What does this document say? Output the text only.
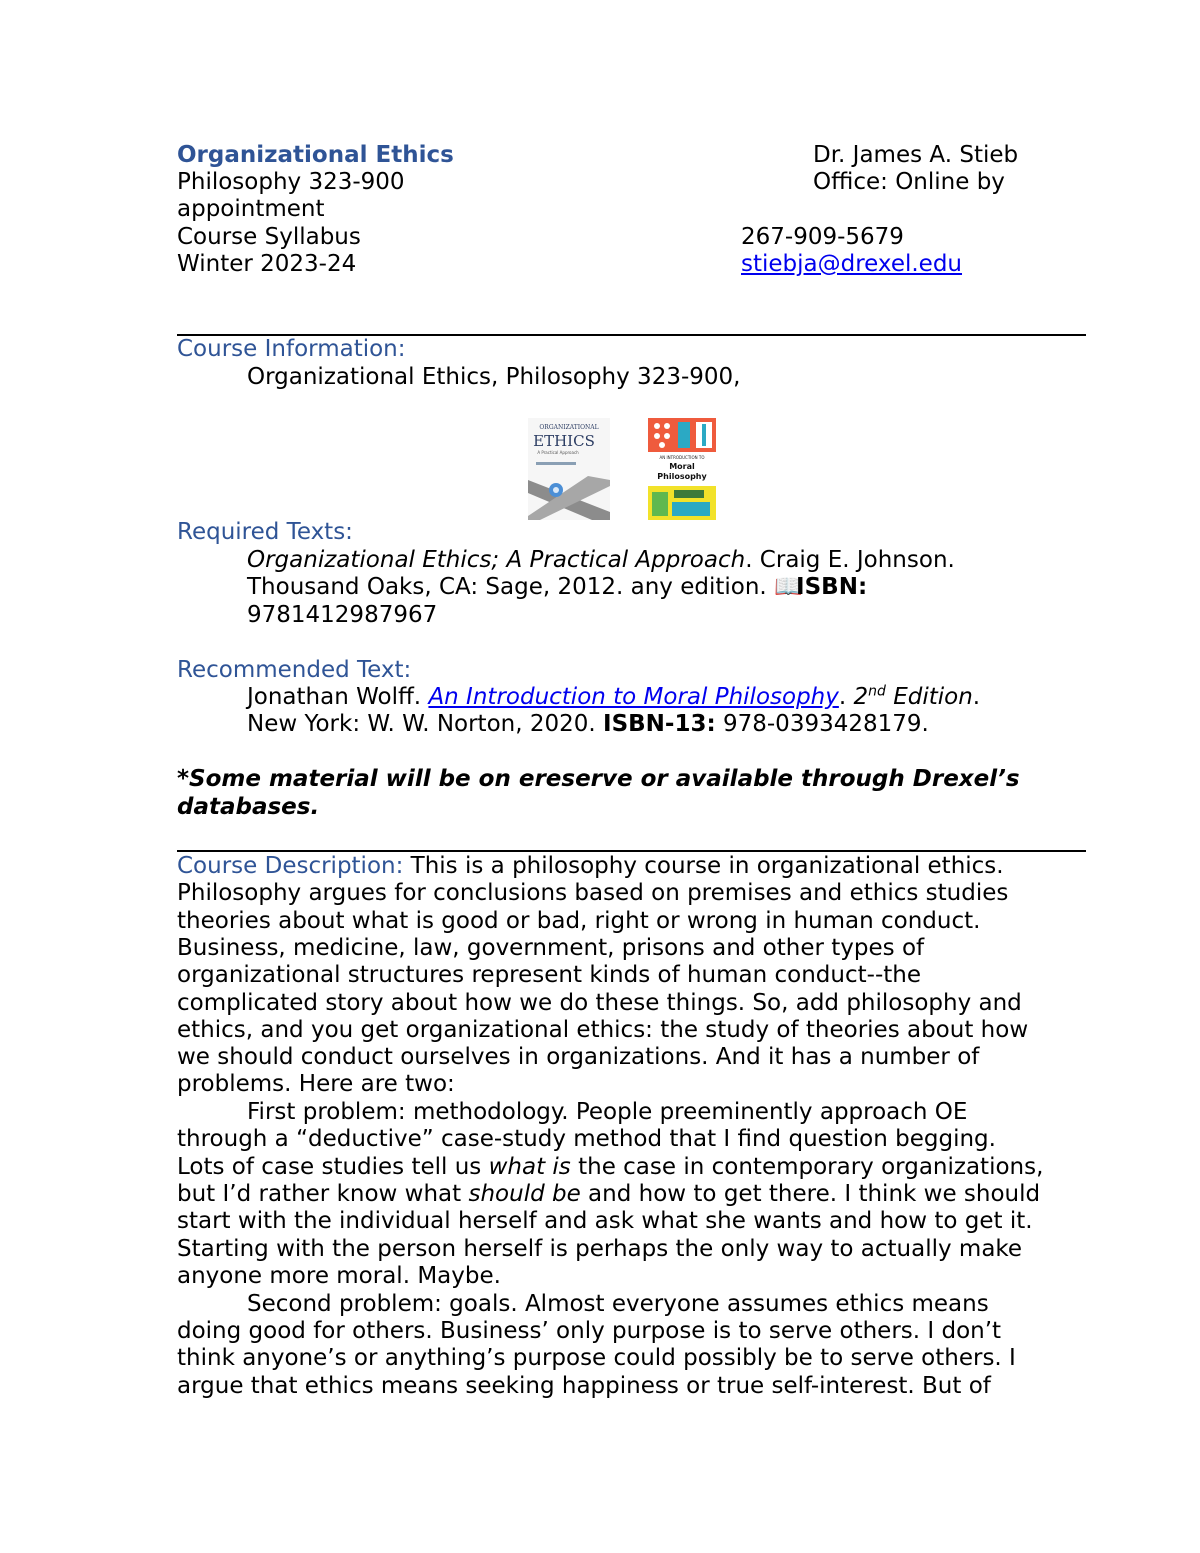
Organizational Ethics	Dr. James A. Stieb
Philosophy 323-900	Office: Online by
appointment
Course Syllabus	267-909-5679
Winter 2023-24	stiebja@drexel.edu
Course Information:
Organizational Ethics, Philosophy 323-900,
ORGANIZATIONAL
ETHICS
A Practical Approach
AN INTRODUCTION TO
Moral
Philosophy
Required Texts:
Organizational Ethics; A Practical Approach. Craig E. Johnson.
Thousand Oaks, CA: Sage, 2012. any edition. 📖ISBN:
9781412987967
Recommended Text:
Jonathan Wolff. An Introduction to Moral Philosophy. 2nd Edition.
New York: W. W. Norton, 2020. ISBN-13: 978-0393428179.
*Some material will be on ereserve or available through Drexel’s
databases.
Course Description: This is a philosophy course in organizational ethics.
Philosophy argues for conclusions based on premises and ethics studies
theories about what is good or bad, right or wrong in human conduct.
Business, medicine, law, government, prisons and other types of
organizational structures represent kinds of human conduct--the
complicated story about how we do these things. So, add philosophy and
ethics, and you get organizational ethics: the study of theories about how
we should conduct ourselves in organizations. And it has a number of
problems. Here are two:
First problem: methodology. People preeminently approach OE
through a “deductive” case-study method that I find question begging.
Lots of case studies tell us what is the case in contemporary organizations,
but I’d rather know what should be and how to get there. I think we should
start with the individual herself and ask what she wants and how to get it.
Starting with the person herself is perhaps the only way to actually make
anyone more moral. Maybe.
Second problem: goals. Almost everyone assumes ethics means
doing good for others. Business’ only purpose is to serve others. I don’t
think anyone’s or anything’s purpose could possibly be to serve others. I
argue that ethics means seeking happiness or true self-interest. But of
